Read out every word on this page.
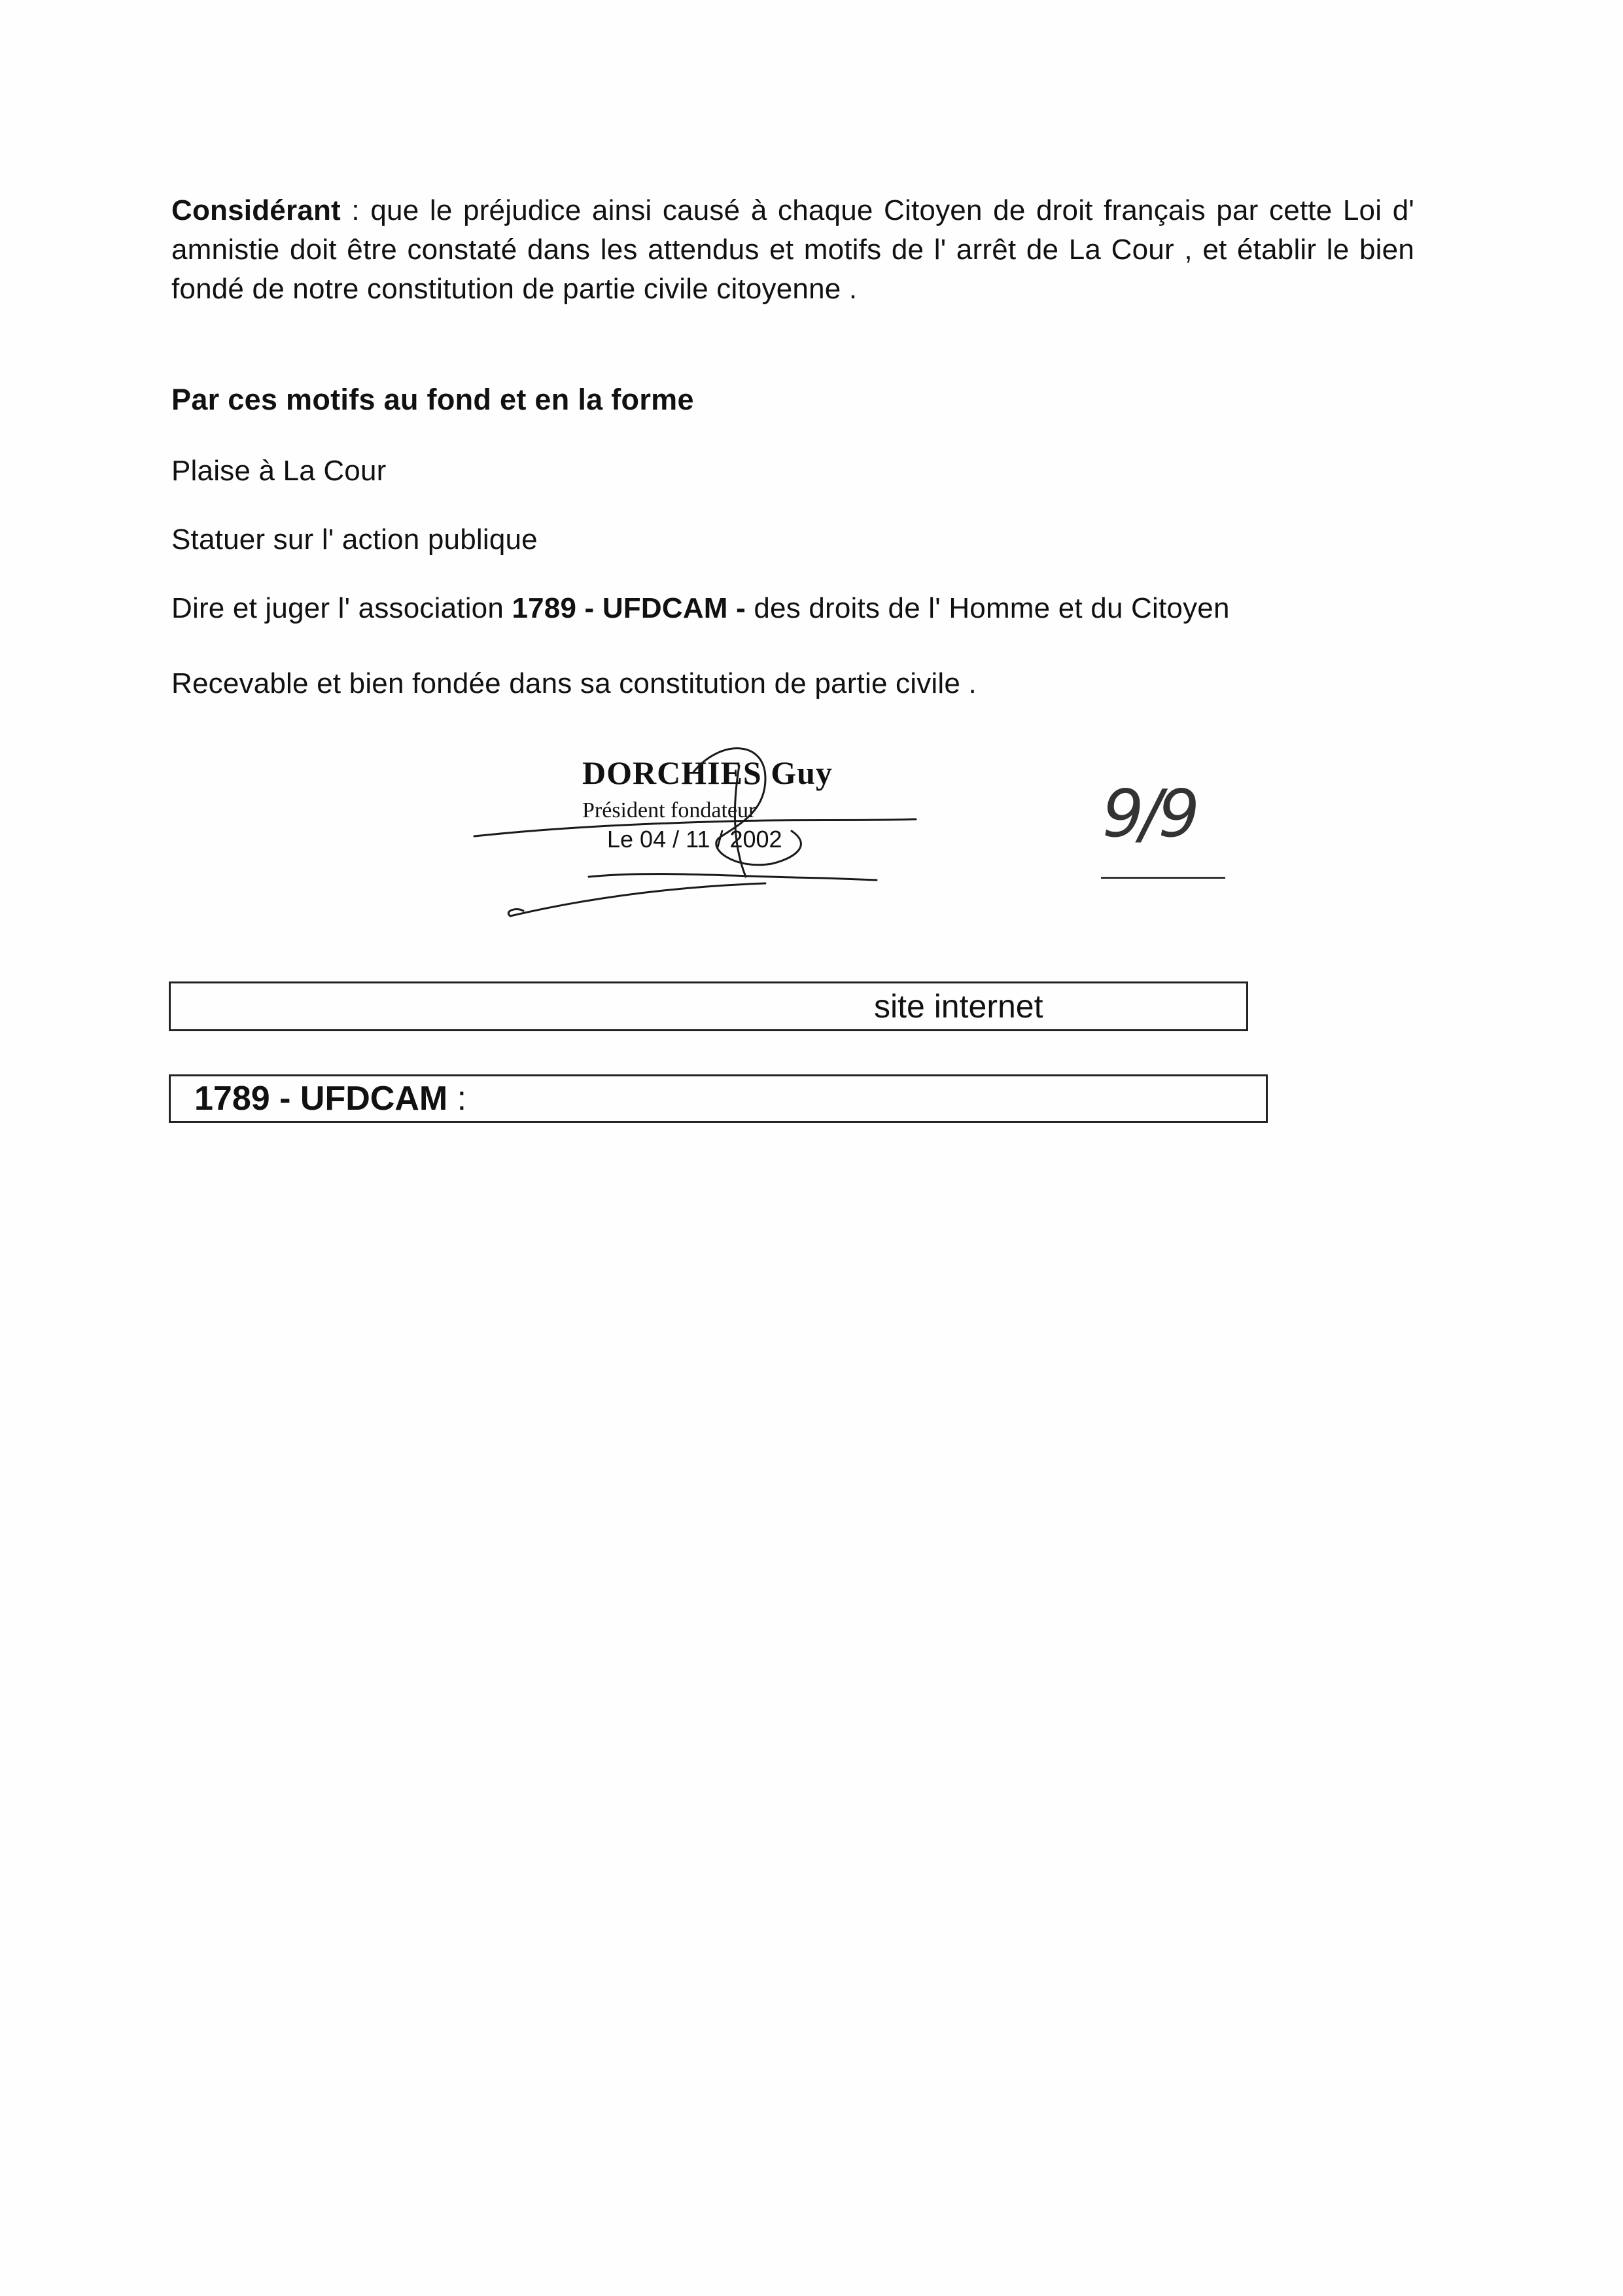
Considérant : que le préjudice ainsi causé à chaque Citoyen de droit français par cette Loi d' amnistie doit être constaté dans les attendus et motifs de l' arrêt de La Cour , et établir le bien fondé de notre constitution de partie civile citoyenne .
Par ces motifs au fond et en la forme
Plaise à La Cour
Statuer sur l' action publique
Dire et juger l' association 1789 - UFDCAM - des droits de l' Homme et du Citoyen
Recevable et bien fondée dans sa constitution de partie civile .
DORCHIES Guy
Président fondateur
Le 04 / 11 / 2002	9/9
site internet
1789 - UFDCAM :
